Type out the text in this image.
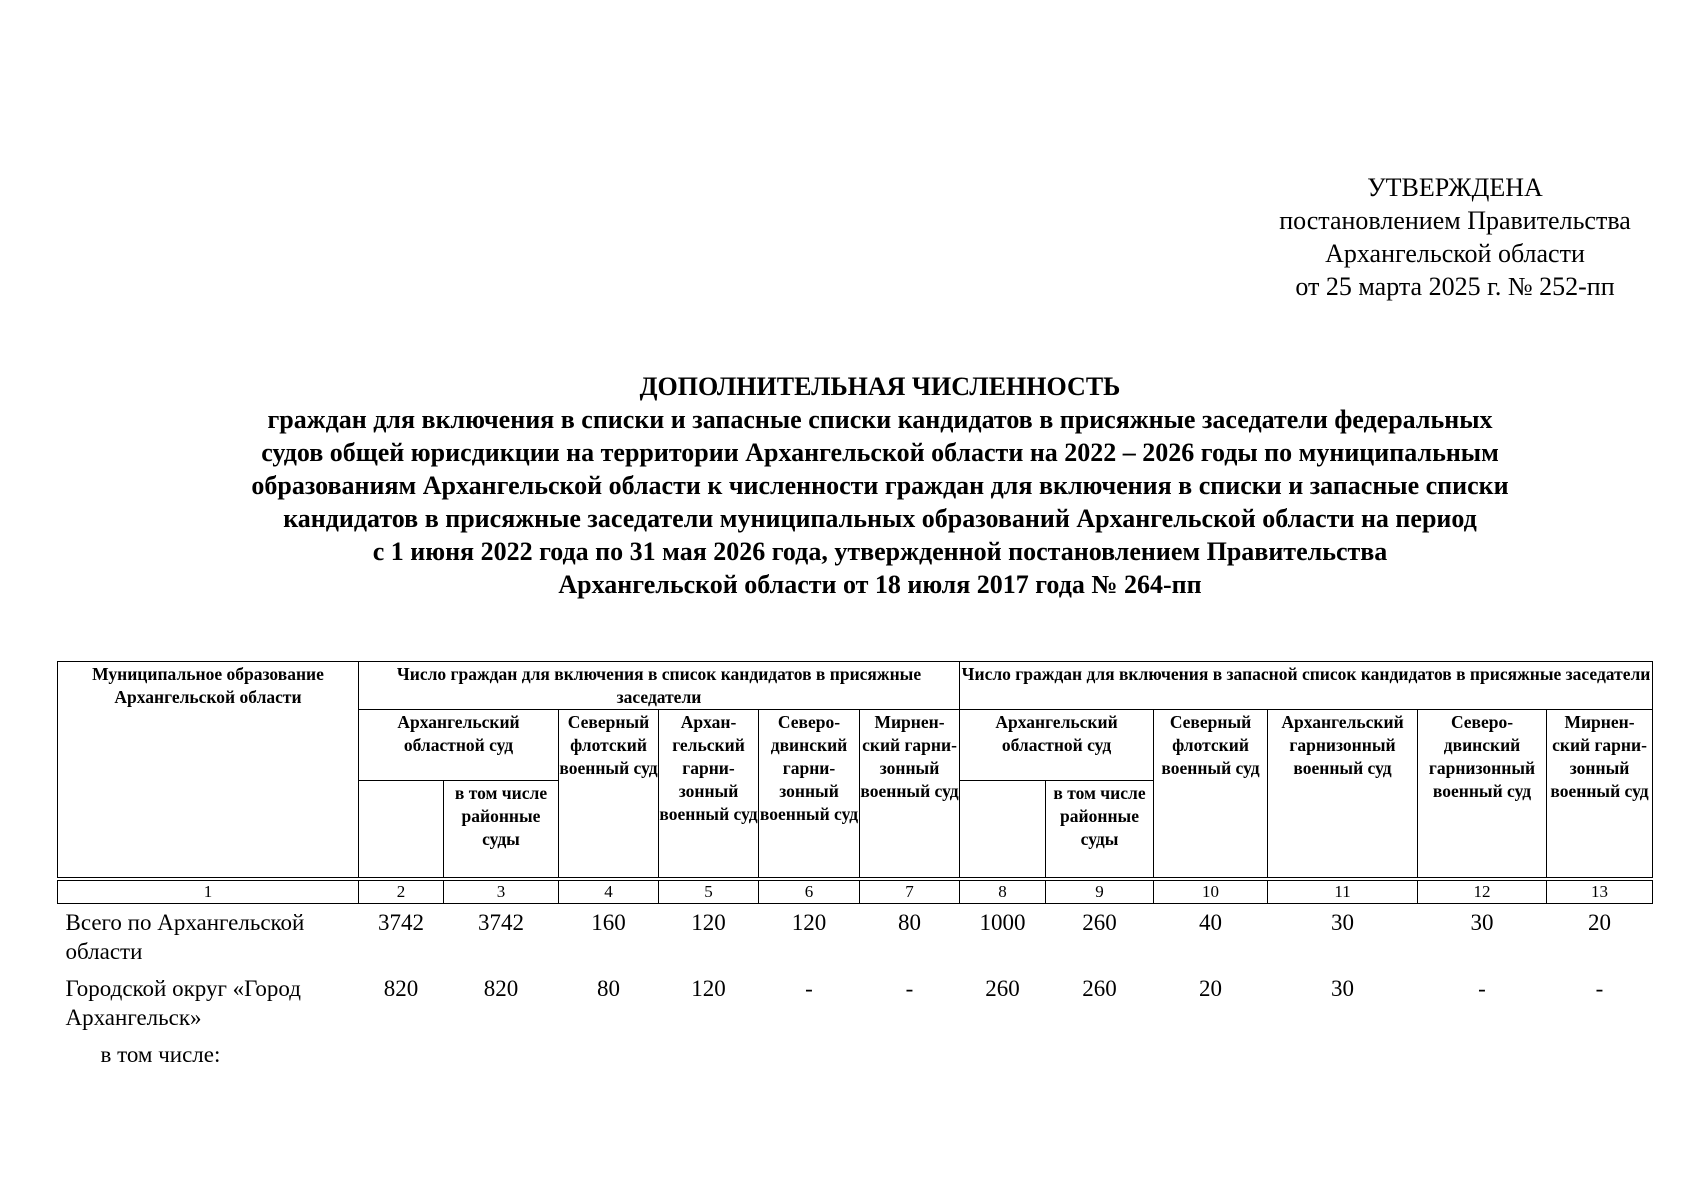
УТВЕРЖДЕНА
постановлением Правительства
Архангельской области
от 25 марта 2025 г. № 252-пп
ДОПОЛНИТЕЛЬНАЯ ЧИСЛЕННОСТЬ
граждан для включения в списки и запасные списки кандидатов в присяжные заседатели федеральных
судов общей юрисдикции на территории Архангельской области на 2022 – 2026 годы по муниципальным
образованиям Архангельской области к численности граждан для включения в списки и запасные списки
кандидатов в присяжные заседатели муниципальных образований Архангельской области на период
с 1 июня 2022 года по 31 мая 2026 года, утвержденной постановлением Правительства
Архангельской области от 18 июля 2017 года № 264-пп
Муниципальное образование Архангельской области	Число граждан для включения в список кандидатов в присяжные заседатели						Число граждан для включения в запасной список кандидатов в присяжные заседатели					
	Архангельский областной суд		Северный флотский военный суд	Архан-гельский гарни-зонный военный суд	Северо-двинский гарни-зонный военный суд	Мирнен-ский гарни-зонный военный суд	Архангельский областной суд		Северный флотский военный суд	Архангельский гарнизонный военный суд	Северо-двинский гарнизонный военный суд	Мирнен-ский гарни-зонный военный суд
		в том числе районные суды						в том числе районные суды				
1	2	3	4	5	6	7	8	9	10	11	12	13
Всего по Архангельской области	3742	3742	160	120	120	80	1000	260	40	30	30	20
Городской округ «Город Архангельск»	820	820	80	120	-	-	260	260	20	30	-	-
в том числе:												
